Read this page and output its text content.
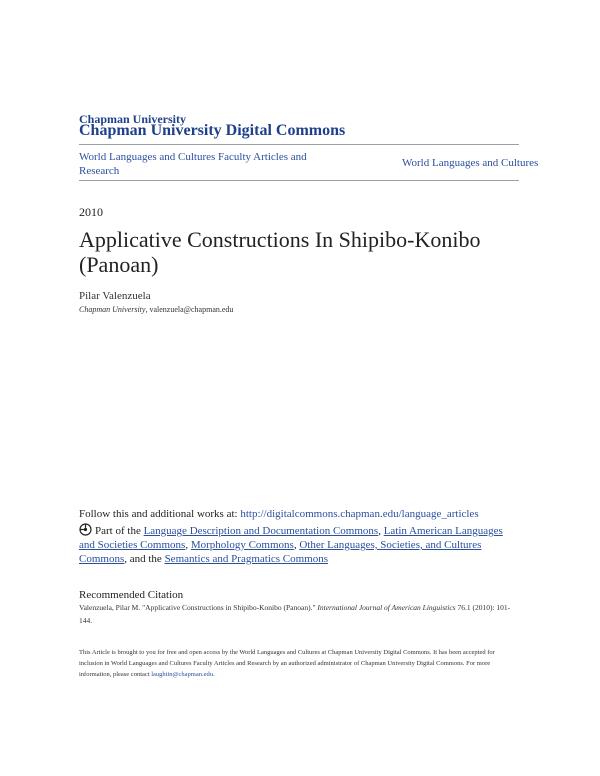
Chapman University
Chapman University Digital Commons
World Languages and Cultures Faculty Articles and Research
World Languages and Cultures
2010
Applicative Constructions In Shipibo-Konibo (Panoan)
Pilar Valenzuela
Chapman University, valenzuela@chapman.edu
Follow this and additional works at: http://digitalcommons.chapman.edu/language_articles
Part of the Language Description and Documentation Commons, Latin American Languages and Societies Commons, Morphology Commons, Other Languages, Societies, and Cultures Commons, and the Semantics and Pragmatics Commons
Recommended Citation
Valenzuela, Pilar M. "Applicative Constructions in Shipibo-Konibo (Panoan)." International Journal of American Linguistics 76.1 (2010): 101-144.
This Article is brought to you for free and open access by the World Languages and Cultures at Chapman University Digital Commons. It has been accepted for inclusion in World Languages and Cultures Faculty Articles and Research by an authorized administrator of Chapman University Digital Commons. For more information, please contact laughtin@chapman.edu.
